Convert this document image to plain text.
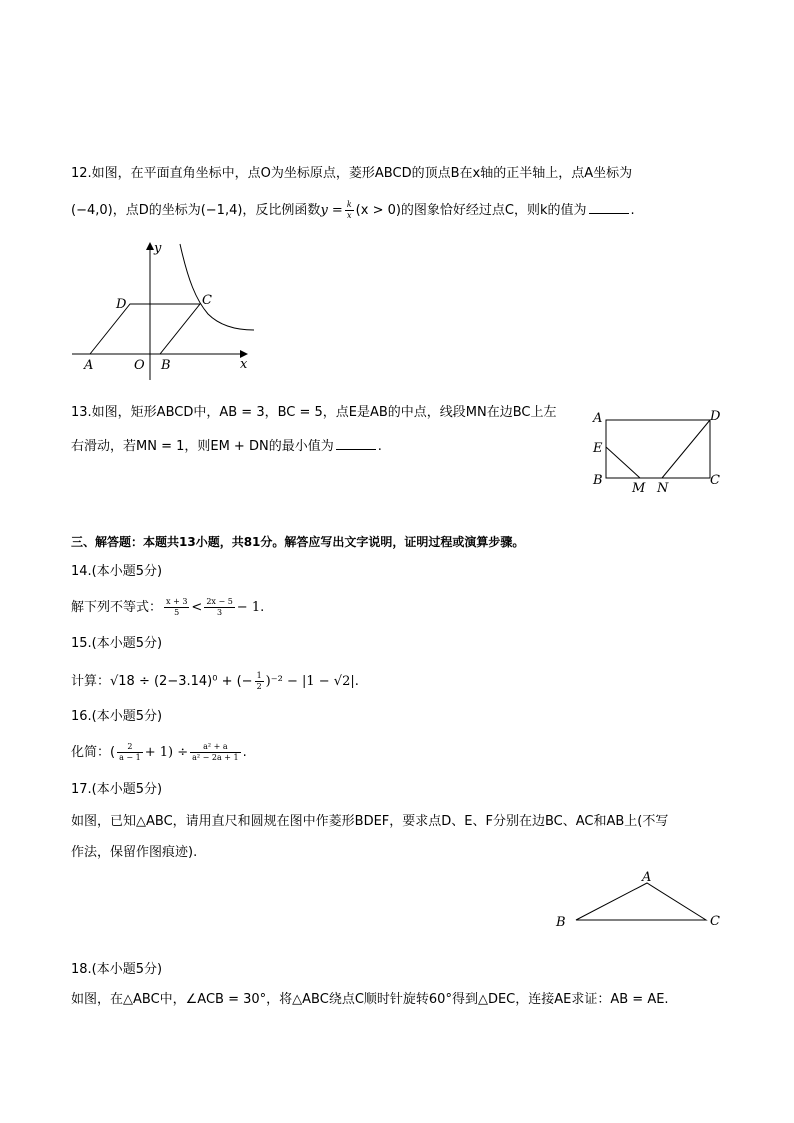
12.如图，在平面直角坐标中，点O为坐标原点，菱形ABCD的顶点B在x轴的正半轴上，点A坐标为
(−4,0)，点D的坐标为(−1,4)，反比例函数$y = \frac{k}{x} (x > 0)$的图象恰好经过点C，则k的值为	.
y
x
D	C
A	O B
13.如图，矩形ABCD中，AB = 3，BC = 5，点E是AB的中点，线段MN在边BC上左
右滑动，若MN = 1，则EM + DN的最小值为	.
A	D
E
B
M N
C
三、解答题：本题共13小题，共81分。解答应写出文字说明，证明过程或演算步骤。
14.(本小题5分)
解下列不等式： $\frac{x + 3}{5} < \frac{2x - 5}{3} - 1$.
15.(本小题5分)
计算：√18 ÷ (2−3.14)⁰ + (− $\frac{1}{2} )^{-2} - |1 - √2|$.
16.(本小题5分)
化简：( $\frac{2}{a - 1} + 1) \div \frac{\text{a² + a}}{\text{a² − 2a + 1}}$ .
17.(本小题5分)
如图，已知△ABC，请用直尺和圆规在图中作菱形BDEF，要求点D、E、F分别在边BC、AC和AB上(不写
作法，保留作图痕迹).
A
B	C
18.(本小题5分)
如图，在△ABC中，∠ACB = 30°，将△ABC绕点C顺时针旋转60°得到△DEC，连接AE求证：AB = AE.
